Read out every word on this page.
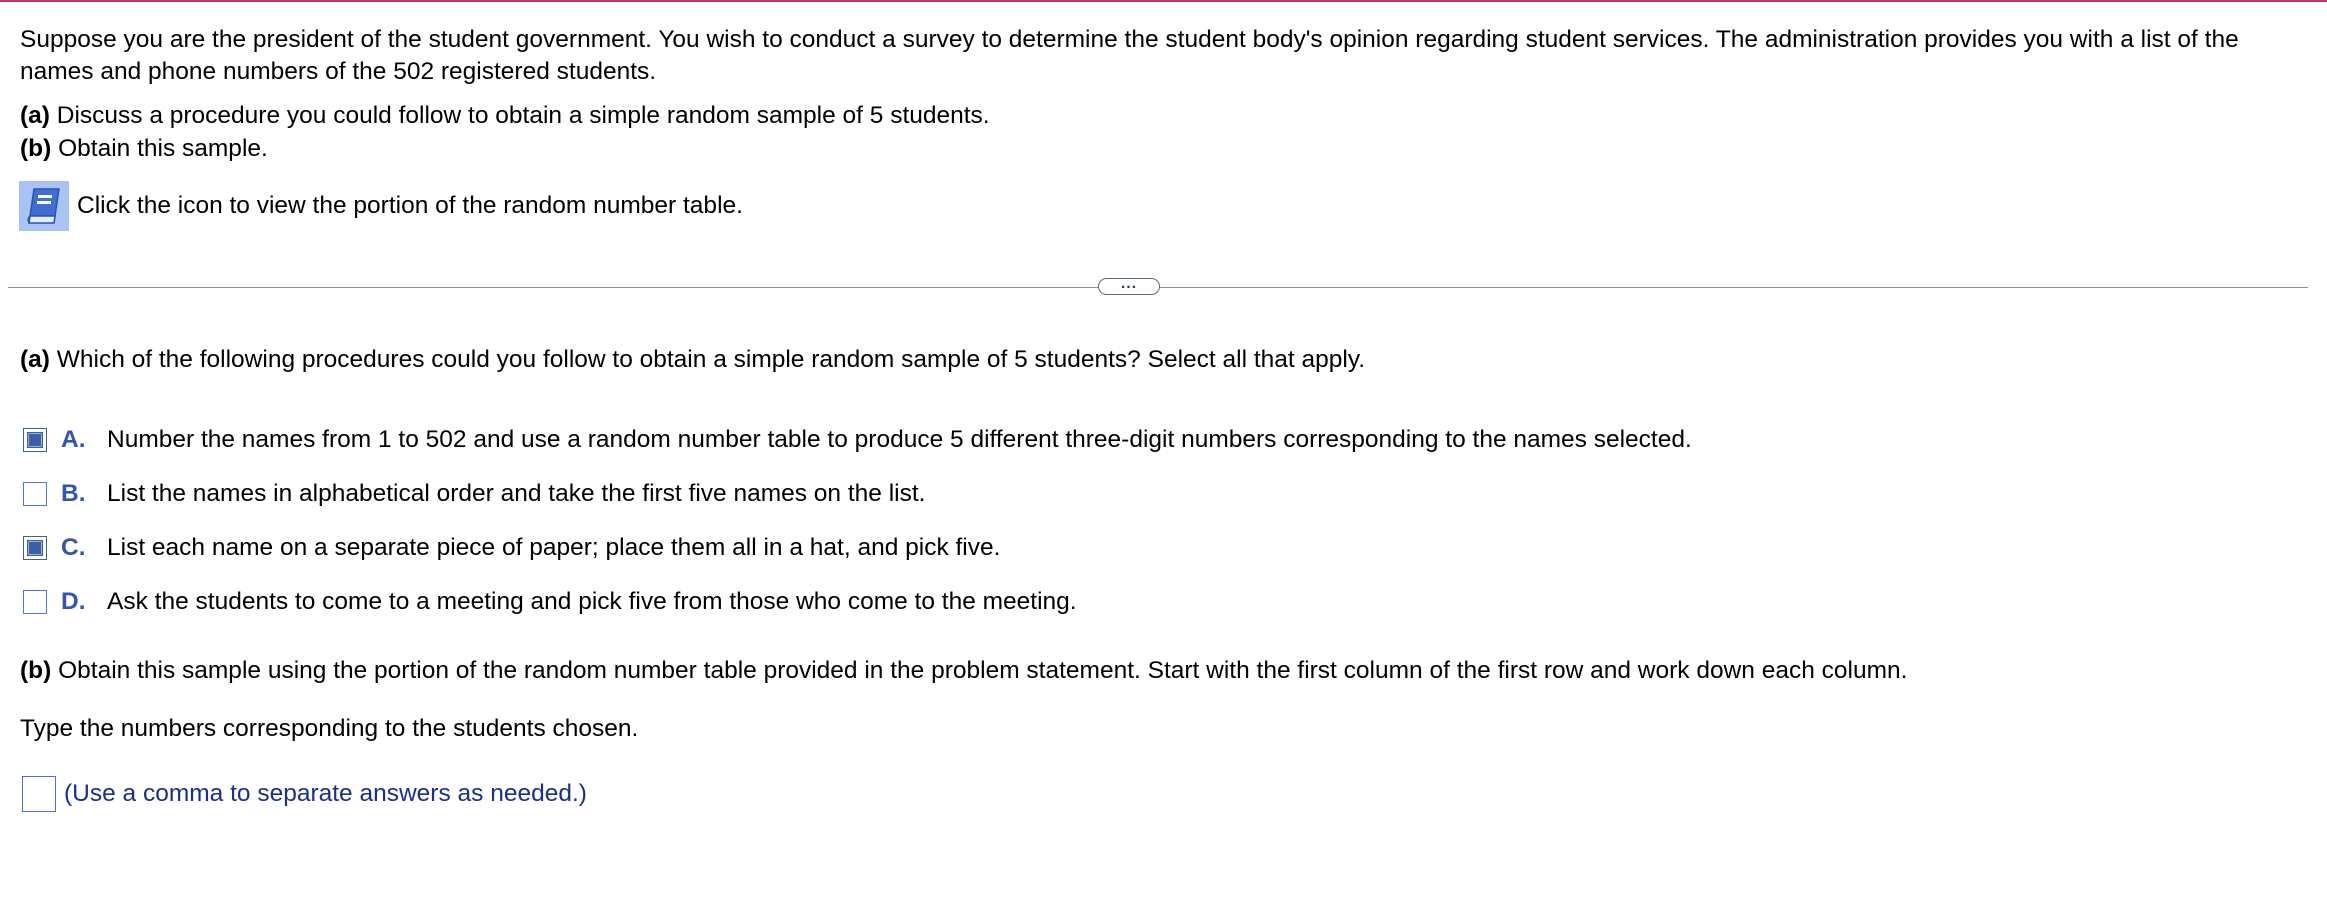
Suppose you are the president of the student government. You wish to conduct a survey to determine the student body's opinion regarding student services. The administration provides you with a list of the names and phone numbers of the 502 registered students.

(a) Discuss a procedure you could follow to obtain a simple random sample of 5 students.
(b) Obtain this sample.
Click the icon to view the portion of the random number table.
...
(a) Which of the following procedures could you follow to obtain a simple random sample of 5 students? Select all that apply.
A. Number the names from 1 to 502 and use a random number table to produce 5 different three-digit numbers corresponding to the names selected.
B. List the names in alphabetical order and take the first five names on the list.
C. List each name on a separate piece of paper; place them all in a hat, and pick five.
D. Ask the students to come to a meeting and pick five from those who come to the meeting.
(b) Obtain this sample using the portion of the random number table provided in the problem statement. Start with the first column of the first row and work down each column.
Type the numbers corresponding to the students chosen.
(Use a comma to separate answers as needed.)
